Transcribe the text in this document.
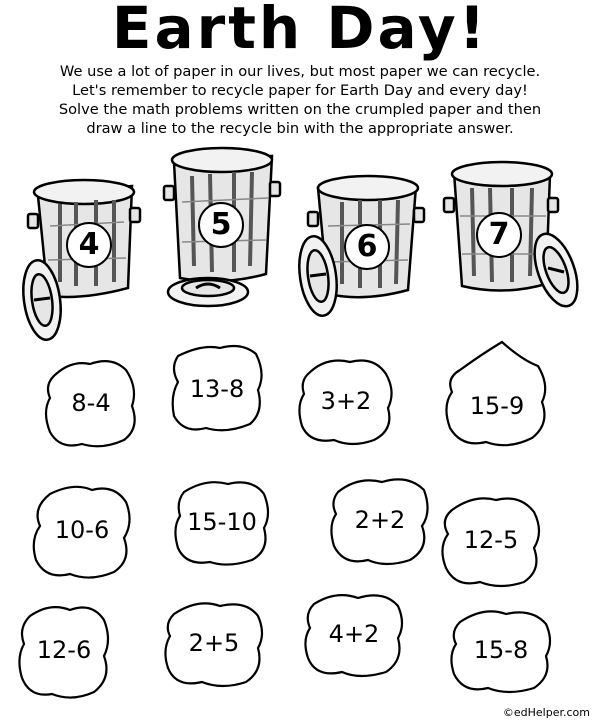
Earth Day!
We use a lot of paper in our lives, but most paper we can recycle.
Let's remember to recycle paper for Earth Day and every day!
Solve the math problems written on the crumpled paper and then
draw a line to the recycle bin with the appropriate answer.
4
5
6	7
8-4	13-8	3+2	15-9
10-6	15-10	2+2
12-5
12-6	2+5	4+2
15-8
©edHelper.com
